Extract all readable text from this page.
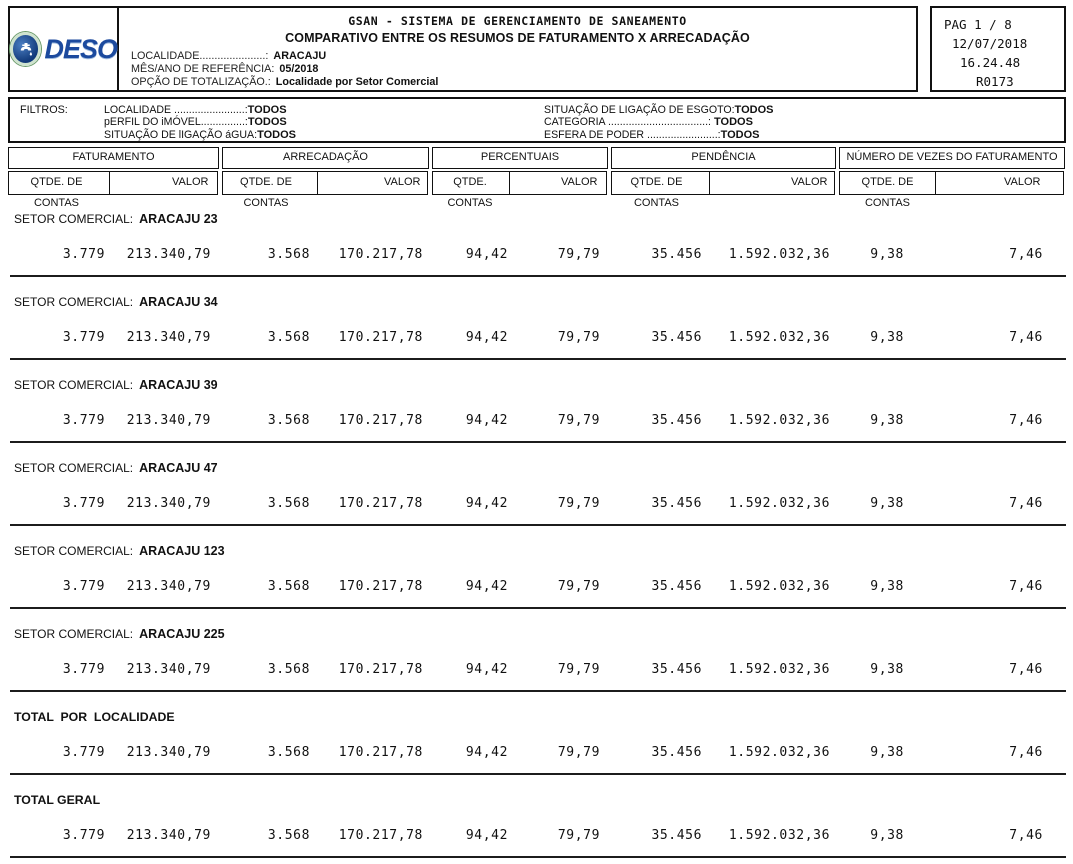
DESO
GSAN - SISTEMA DE GERENCIAMENTO DE SANEAMENTO
COMPARATIVO ENTRE OS RESUMOS DE FATURAMENTO X ARRECADAÇÃO
LOCALIDADE......................: ARACAJU
MÊS/ANO DE REFERÊNCIA: 05/2018
OPÇÃO DE TOTALIZAÇÃO.: Localidade por Setor Comercial
PAG 1 / 8
12/07/2018
16.24.48
R0173
FILTROS:	LOCALIDADE ........................:TODOS
pERFIL DO iMÓVEL...............:TODOS
SITUAÇÃO DE lIGAÇÃO áGUA:TODOS
SITUAÇÃO DE LIGAÇÃO DE ESGOTO:TODOS
CATEGORIA ..................................: TODOS
ESFERA DE PODER ........................:TODOS
FATURAMENTO
QTDE. DE CONTAS
VALOR
ARRECADAÇÃO
QTDE. DE CONTAS
VALOR
PERCENTUAIS
QTDE. CONTAS
VALOR
PENDÊNCIA
QTDE. DE CONTAS
VALOR
NÚMERO DE VEZES DO FATURAMENTO
QTDE. DE CONTAS
VALOR
SETOR COMERCIAL: ARACAJU 23
3.779	213.340,79	3.568	170.217,78	94,42	79,79	35.456	1.592.032,36	9,38	7,46
SETOR COMERCIAL: ARACAJU 34
3.779	213.340,79	3.568	170.217,78	94,42	79,79	35.456	1.592.032,36	9,38	7,46
SETOR COMERCIAL: ARACAJU 39
3.779	213.340,79	3.568	170.217,78	94,42	79,79	35.456	1.592.032,36	9,38	7,46
SETOR COMERCIAL: ARACAJU 47
3.779	213.340,79	3.568	170.217,78	94,42	79,79	35.456	1.592.032,36	9,38	7,46
SETOR COMERCIAL: ARACAJU 123
3.779	213.340,79	3.568	170.217,78	94,42	79,79	35.456	1.592.032,36	9,38	7,46
SETOR COMERCIAL: ARACAJU 225
3.779	213.340,79	3.568	170.217,78	94,42	79,79	35.456	1.592.032,36	9,38	7,46
TOTAL  POR  LOCALIDADE
3.779	213.340,79	3.568	170.217,78	94,42	79,79	35.456	1.592.032,36	9,38	7,46
TOTAL GERAL
3.779	213.340,79	3.568	170.217,78	94,42	79,79	35.456	1.592.032,36	9,38	7,46
